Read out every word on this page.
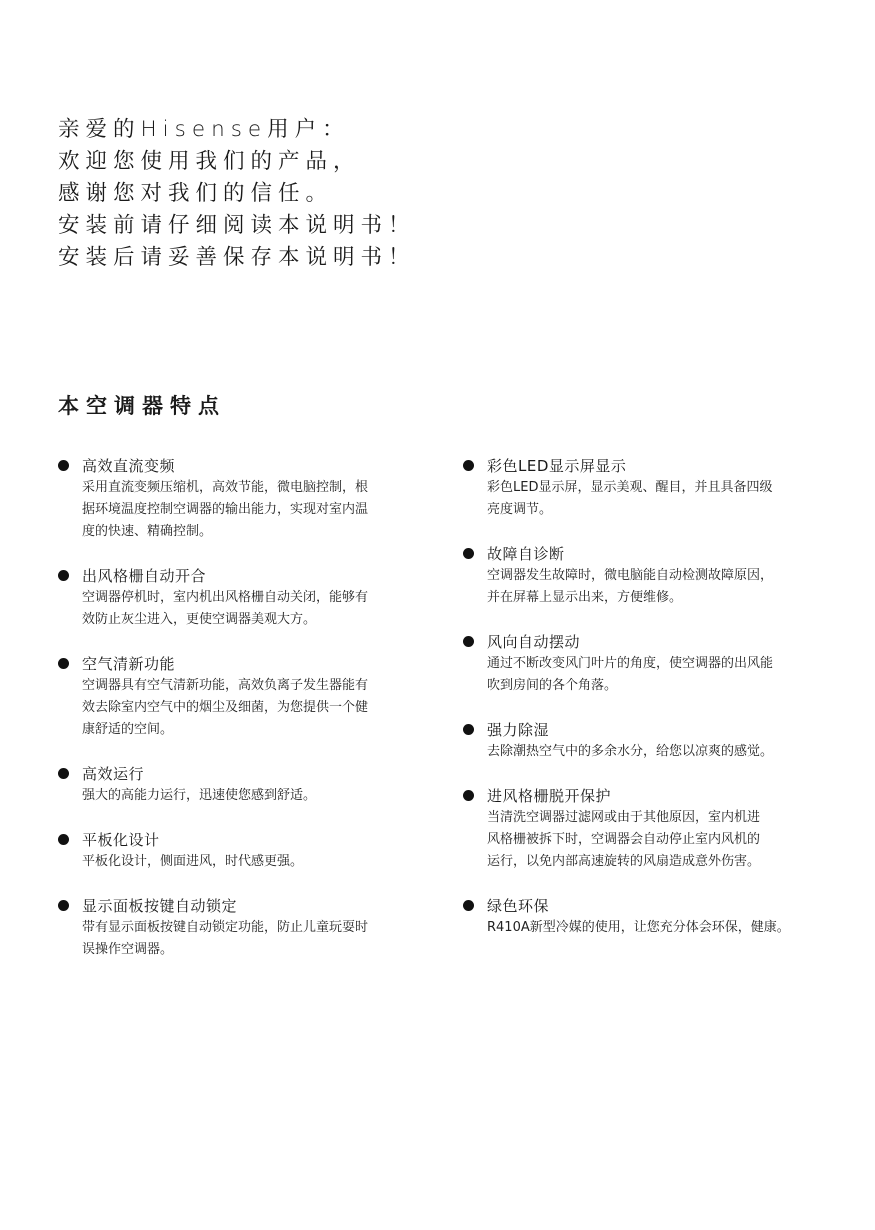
亲爱的Hisense用户：
欢迎您使用我们的产品，
感谢您对我们的信任。
安装前请仔细阅读本说明书！
安装后请妥善保存本说明书！
本空调器特点
高效直流变频
采用直流变频压缩机，高效节能，微电脑控制，根
据环境温度控制空调器的输出能力，实现对室内温
度的快速、精确控制。
出风格栅自动开合
空调器停机时，室内机出风格栅自动关闭，能够有
效防止灰尘进入，更使空调器美观大方。
空气清新功能
空调器具有空气清新功能，高效负离子发生器能有
效去除室内空气中的烟尘及细菌，为您提供一个健
康舒适的空间。
高效运行
强大的高能力运行，迅速使您感到舒适。
平板化设计
平板化设计，侧面进风，时代感更强。
显示面板按键自动锁定
带有显示面板按键自动锁定功能，防止儿童玩耍时
误操作空调器。
彩色LED显示屏显示
彩色LED显示屏，显示美观、醒目，并且具备四级
亮度调节。
故障自诊断
空调器发生故障时，微电脑能自动检测故障原因，
并在屏幕上显示出来，方便维修。
风向自动摆动
通过不断改变风门叶片的角度，使空调器的出风能
吹到房间的各个角落。
强力除湿
去除潮热空气中的多余水分，给您以凉爽的感觉。
进风格栅脱开保护
当清洗空调器过滤网或由于其他原因，室内机进
风格栅被拆下时，空调器会自动停止室内风机的
运行，以免内部高速旋转的风扇造成意外伤害。
绿色环保
R410A新型冷媒的使用，让您充分体会环保，健康。
